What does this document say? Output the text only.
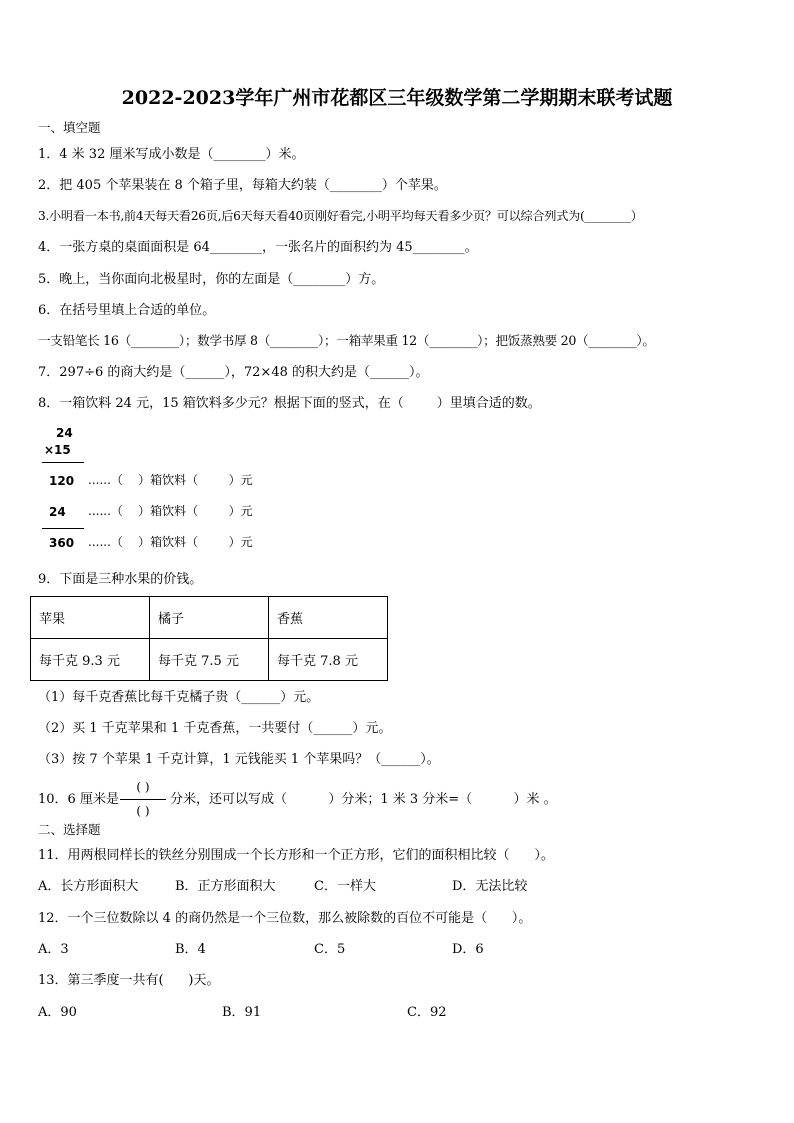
2022-2023学年广州市花都区三年级数学第二学期期末联考试题
一、填空题
1．4 米 32 厘米写成小数是（________）米。
2．把 405 个苹果装在 8 个箱子里，每箱大约装（________）个苹果。
3.小明看一本书,前4天每天看26页,后6天每天看40页刚好看完,小明平均每天看多少页？可以综合列式为(________）
4．一张方桌的桌面面积是 64________，一张名片的面积约为 45________。
5．晚上，当你面向北极星时，你的左面是（________）方。
6．在括号里填上合适的单位。
一支铅笔长 16（________）；数学书厚 8（________）；一箱苹果重 12（________）；把饭蒸熟要 20（________）。
7．297÷6 的商大约是（______），72×48 的积大约是（______）。
8．一箱饮料 24 元，15 箱饮料多少元？根据下面的竖式，在（        ）里填合适的数。
24
×15
120 ......（    ）箱饮料（        ）元
24 ......（    ）箱饮料（        ）元
360 ......（    ）箱饮料（        ）元
9．下面是三种水果的价钱。
苹果	橘子	香蕉
每千克 9.3 元	每千克 7.5 元	每千克 7.8 元
（1）每千克香蕉比每千克橘子贵（______）元。
（2）买 1 千克苹果和 1 千克香蕉，一共要付（______）元。
（3）按 7 个苹果 1 千克计算，1 元钱能买 1 个苹果吗？（______）。
10．6 厘米是
( )
( )
分米，还可以写成（          ）分米；1 米 3 分米=（          ）米 。
二、选择题
11．用两根同样长的铁丝分别围成一个长方形和一个正方形，它们的面积相比较（      ）。
A．长方形面积大	B．正方形面积大	C．一样大	D．无法比较
12．一个三位数除以 4 的商仍然是一个三位数，那么被除数的百位不可能是（      ）。
A．3	B．4	C．5	D．6
13．第三季度一共有(      )天。
A．90	B．91	C．92
